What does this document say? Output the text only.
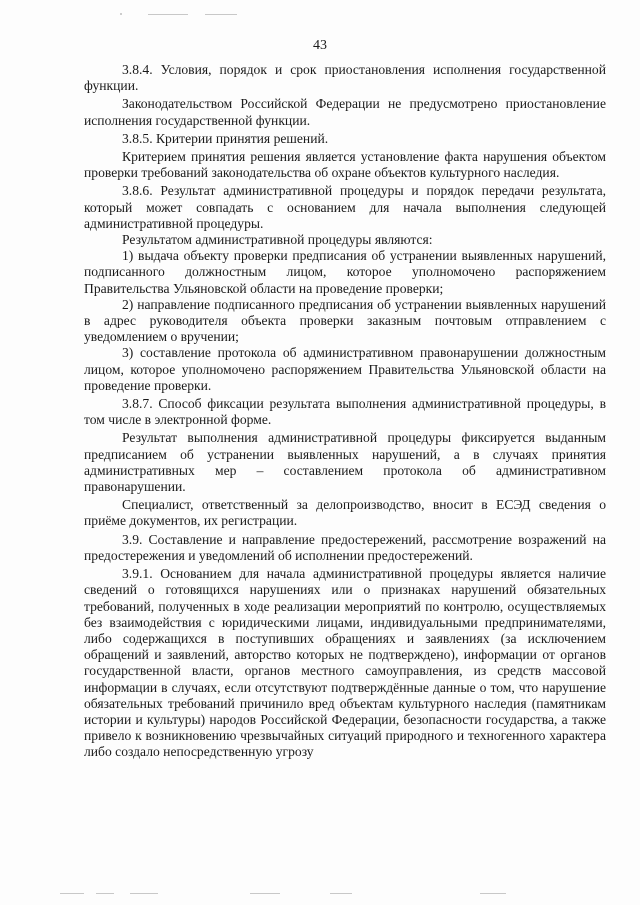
43

3.8.4. Условия, порядок и срок приостановления исполнения государственной функции.

Законодательством Российской Федерации не предусмотрено приостановление исполнения государственной функции.

3.8.5. Критерии принятия решений.

Критерием принятия решения является установление факта нарушения объектом проверки требований законодательства об охране объектов культурного наследия.

3.8.6. Результат административной процедуры и порядок передачи результата, который может совпадать с основанием для начала выполнения следующей административной процедуры.

Результатом административной процедуры являются:

1) выдача объекту проверки предписания об устранении выявленных нарушений, подписанного должностным лицом, которое уполномочено распоряжением Правительства Ульяновской области на проведение проверки;

2) направление подписанного предписания об устранении выявленных нарушений в адрес руководителя объекта проверки заказным почтовым отправлением с уведомлением о вручении;

3) составление протокола об административном правонарушении должностным лицом, которое уполномочено распоряжением Правительства Ульяновской области на проведение проверки.

3.8.7. Способ фиксации результата выполнения административной процедуры, в том числе в электронной форме.

Результат выполнения административной процедуры фиксируется выданным предписанием об устранении выявленных нарушений, а в случаях принятия административных мер – составлением протокола об административном правонарушении.

Специалист, ответственный за делопроизводство, вносит в ЕСЭД сведения о приёме документов, их регистрации.

3.9. Составление и направление предостережений, рассмотрение возражений на предостережения и уведомлений об исполнении предостережений.

3.9.1. Основанием для начала административной процедуры является наличие сведений о готовящихся нарушениях или о признаках нарушений обязательных требований, полученных в ходе реализации мероприятий по контролю, осуществляемых без взаимодействия с юридическими лицами, индивидуальными предпринимателями, либо содержащихся в поступивших обращениях и заявлениях (за исключением обращений и заявлений, авторство которых не подтверждено), информации от органов государственной власти, органов местного самоуправления, из средств массовой информации в случаях, если отсутствуют подтверждённые данные о том, что нарушение обязательных требований причинило вред объектам культурного наследия (памятникам истории и культуры) народов Российской Федерации, безопасности государства, а также привело к возникновению чрезвычайных ситуаций природного и техногенного характера либо создало непосредственную угрозу
